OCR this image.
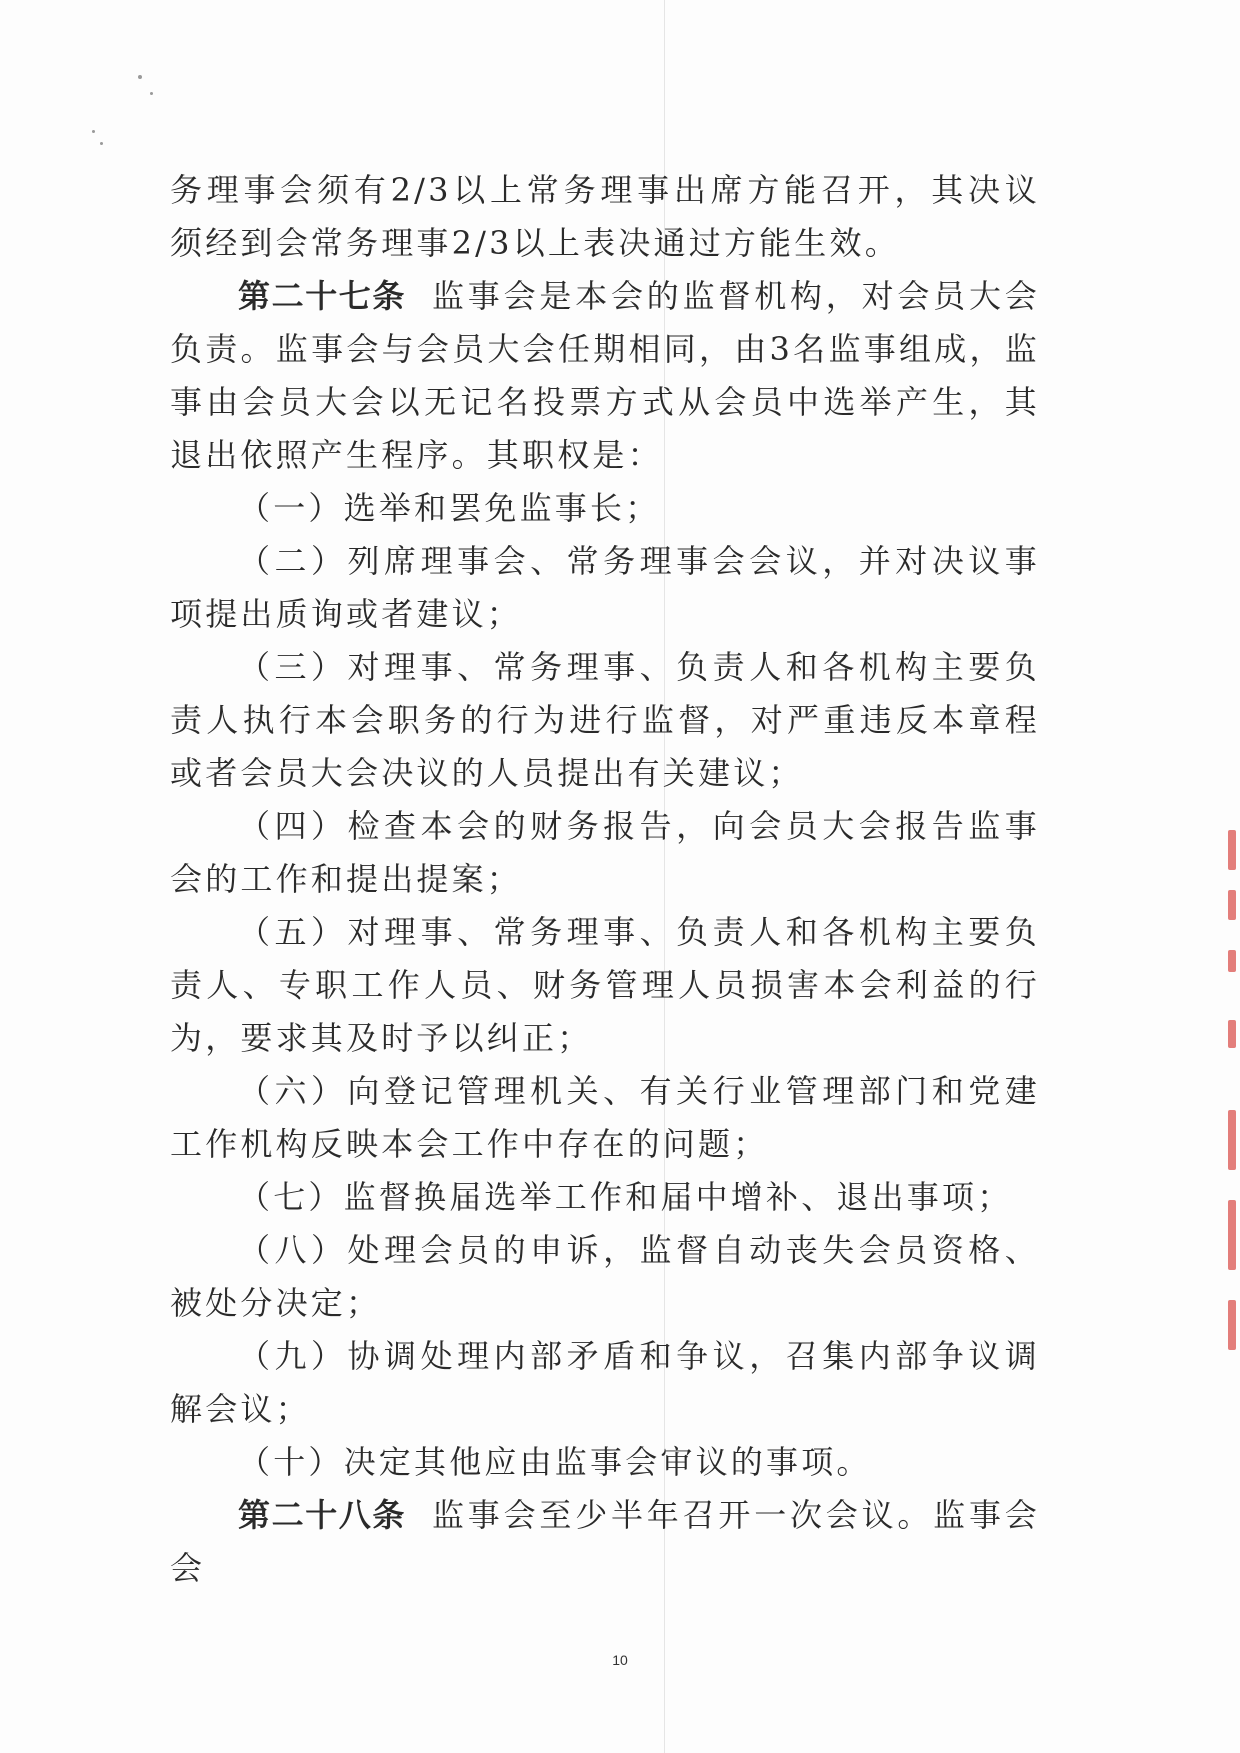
务理事会须有2/3以上常务理事出席方能召开，其决议须经到会常务理事2/3以上表决通过方能生效。

第二十七条 监事会是本会的监督机构，对会员大会负责。监事会与会员大会任期相同，由3名监事组成，监事由会员大会以无记名投票方式从会员中选举产生，其退出依照产生程序。其职权是：

（一）选举和罢免监事长；

（二）列席理事会、常务理事会会议，并对决议事项提出质询或者建议；

（三）对理事、常务理事、负责人和各机构主要负责人执行本会职务的行为进行监督，对严重违反本章程或者会员大会决议的人员提出有关建议；

（四）检查本会的财务报告，向会员大会报告监事会的工作和提出提案；

（五）对理事、常务理事、负责人和各机构主要负责人、专职工作人员、财务管理人员损害本会利益的行为，要求其及时予以纠正；

（六）向登记管理机关、有关行业管理部门和党建工作机构反映本会工作中存在的问题；

（七）监督换届选举工作和届中增补、退出事项；

（八）处理会员的申诉，监督自动丧失会员资格、被处分决定；

（九）协调处理内部矛盾和争议，召集内部争议调解会议；

（十）决定其他应由监事会审议的事项。

第二十八条 监事会至少半年召开一次会议。监事会会

10
